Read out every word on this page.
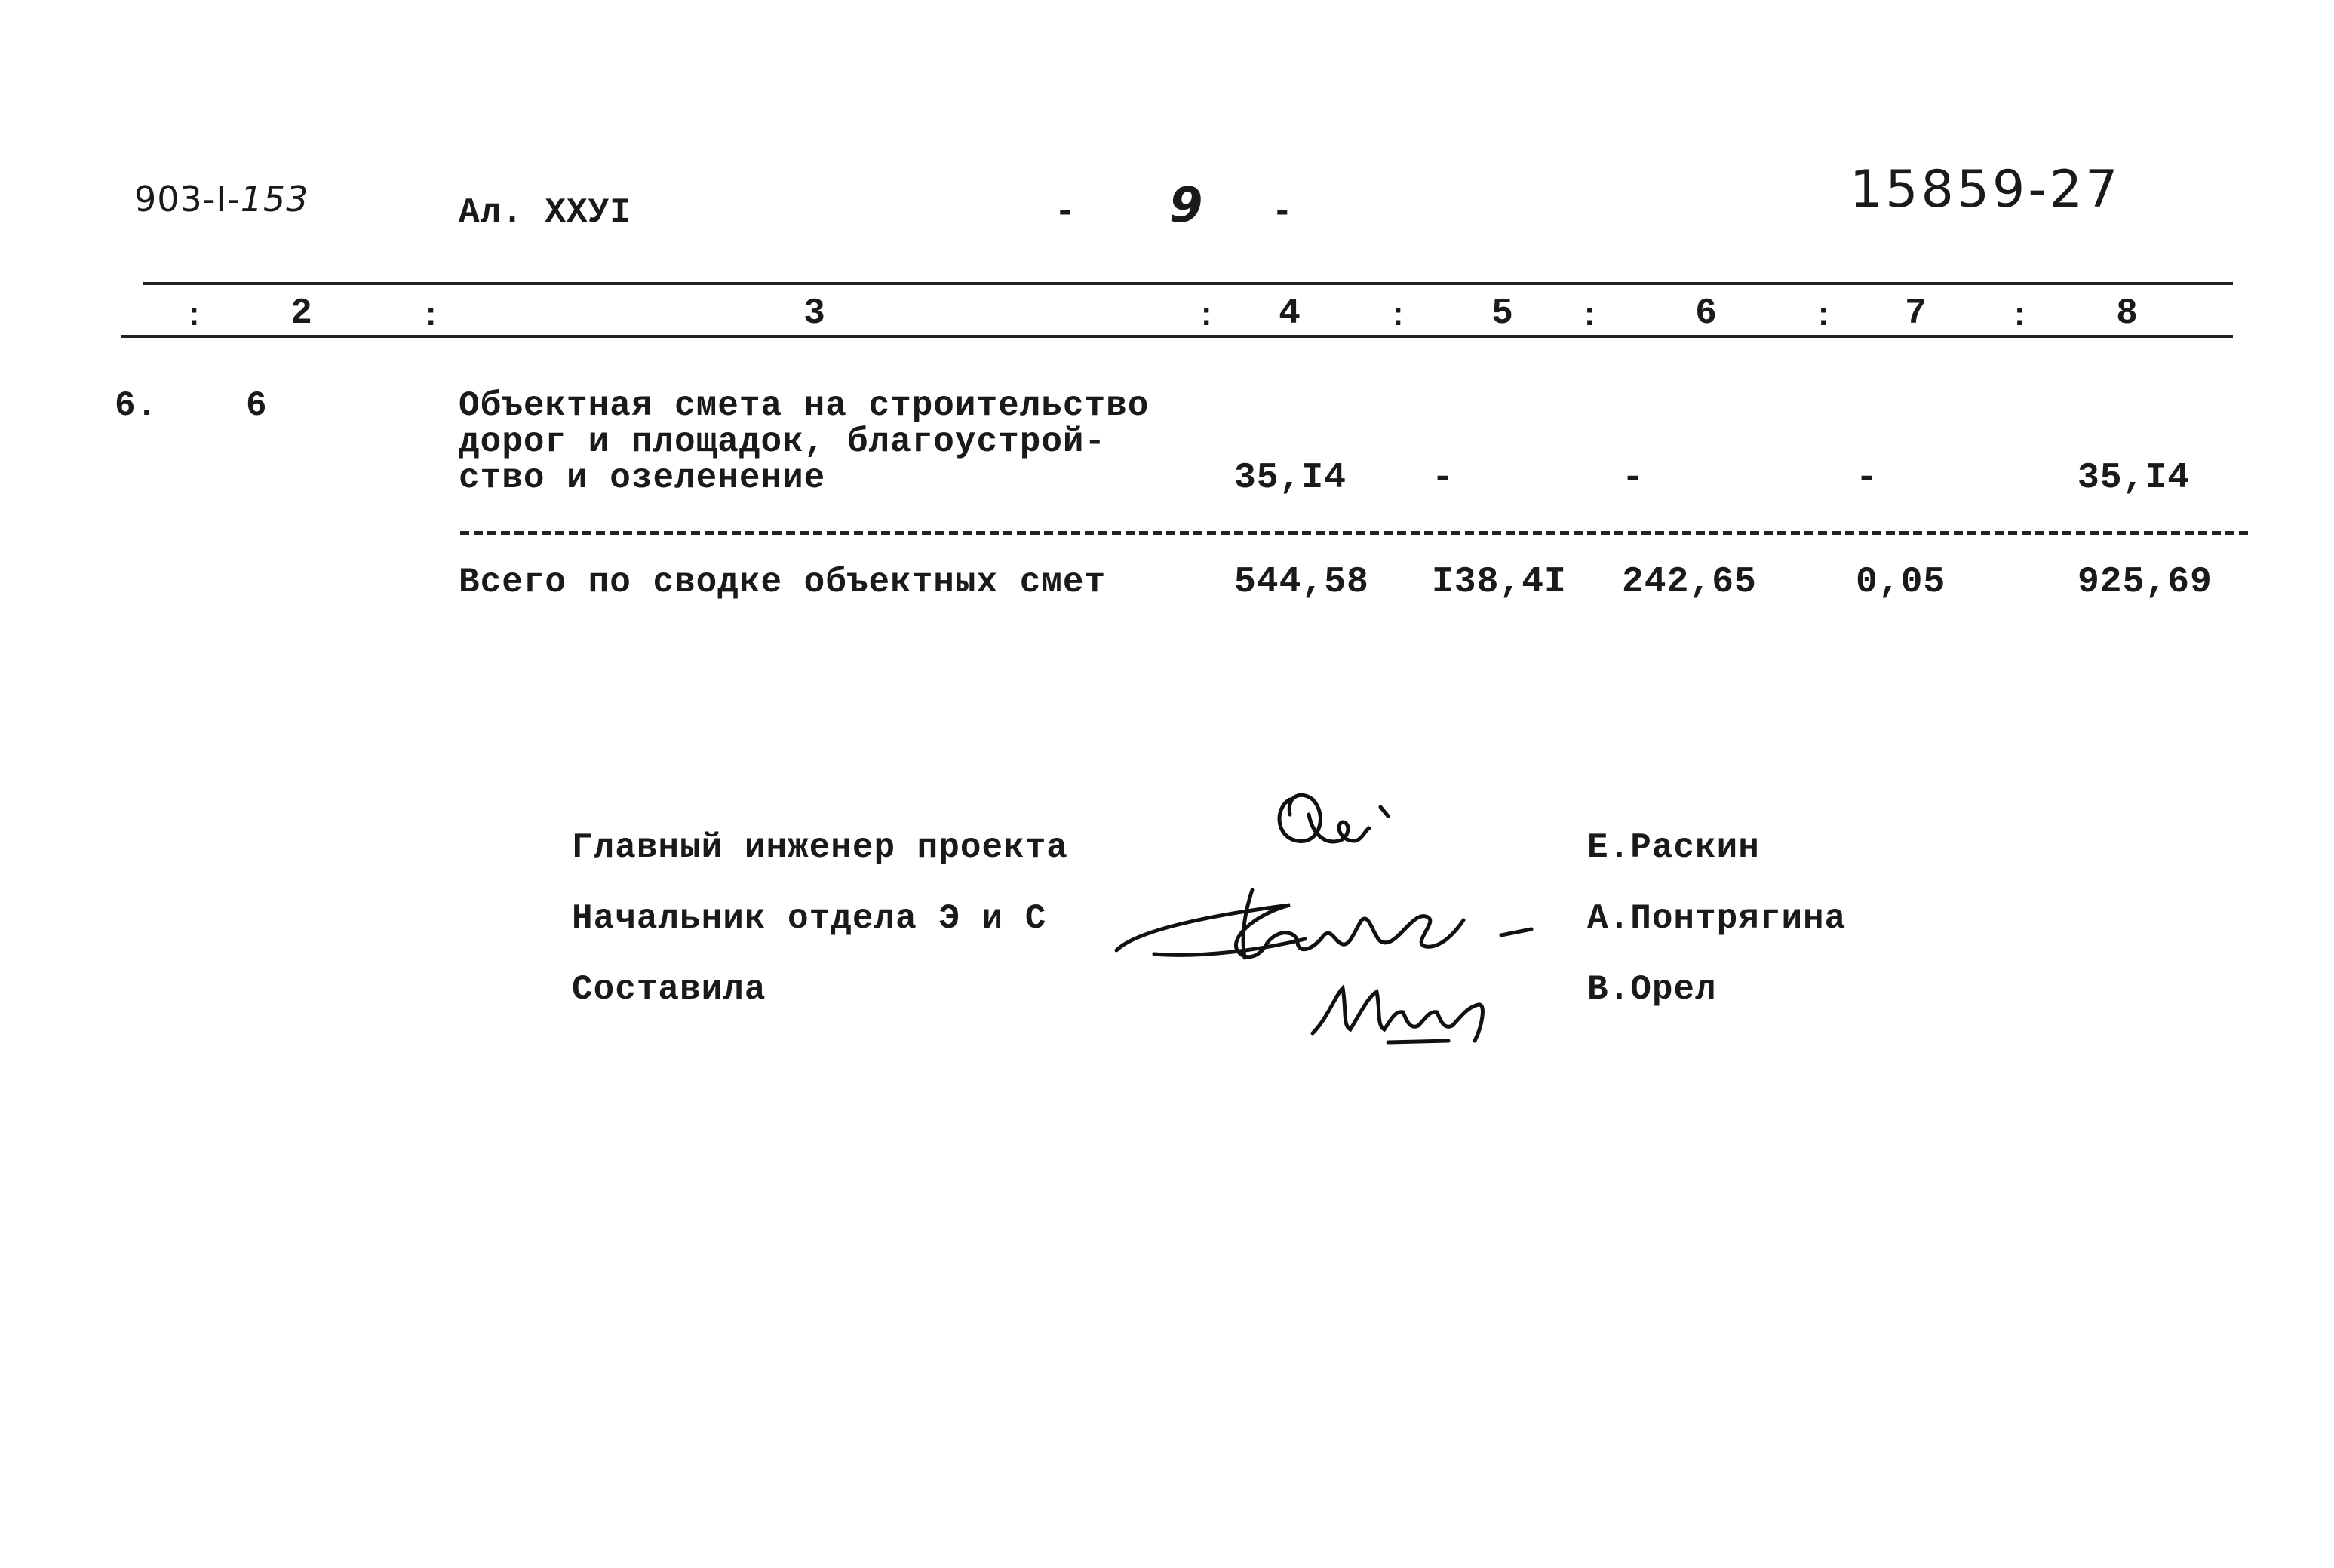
903-I-153	Ал. XXУI	- 9 -	15859-27
:	2	:	3	:	4	:	5	:	6	:	7	:	8
6.	6	Объектная смета на строительство
дорог и площадок, благоустрой-
ство и озеленение	35,I4 -	-	-	35,I4
Всего по сводке объектных смет	544,58 I38,4I 242,65	0,05	925,69
Главный инженер проекта	Е.Раскин
Начальник отдела Э и С	А.Понтрягина
Составила	В.Орел
